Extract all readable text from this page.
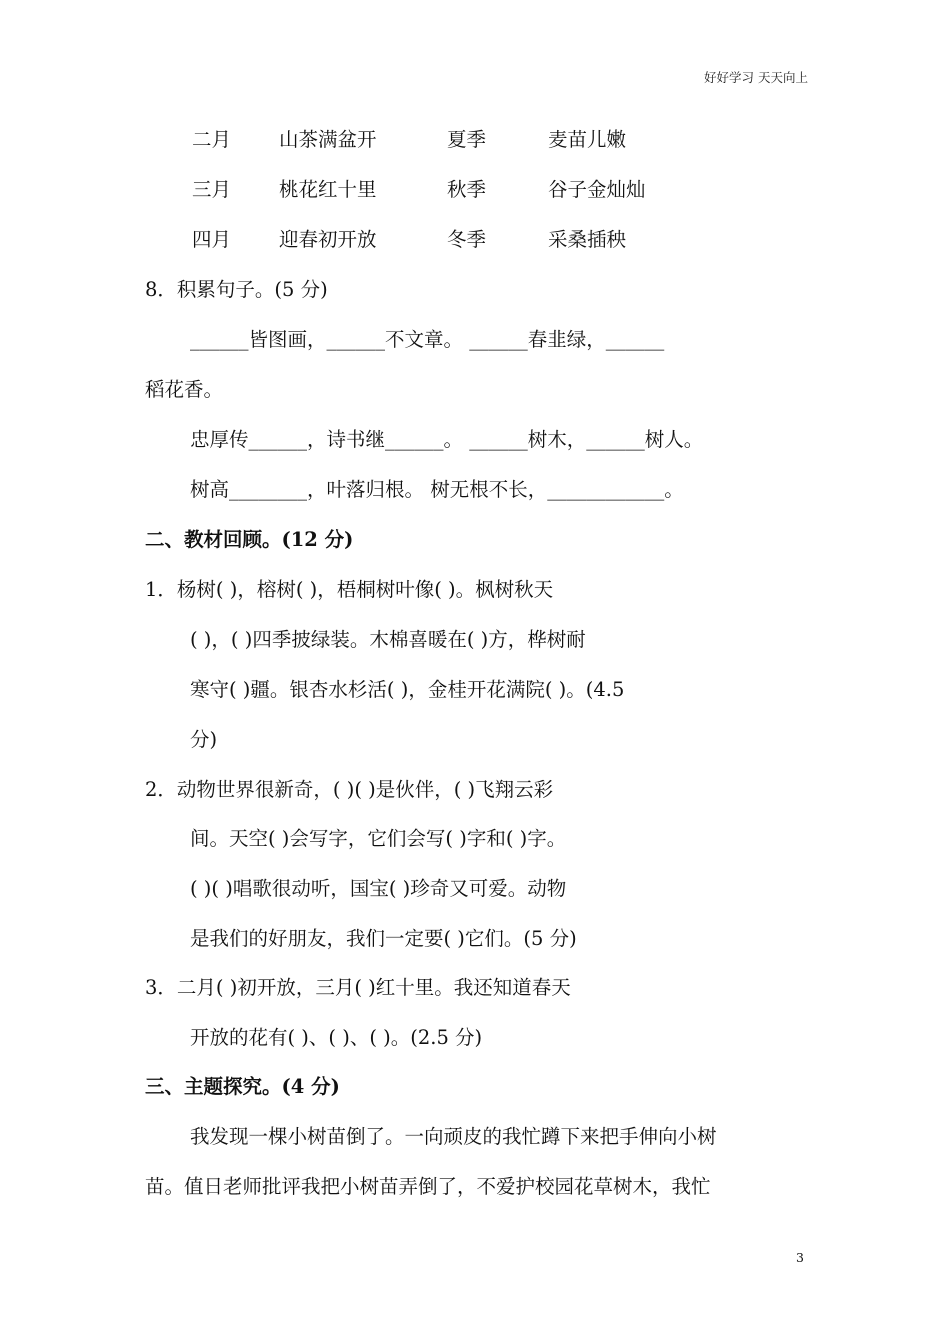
好好学习 天天向上
二月 山茶满盆开	夏季	麦苗儿嫩
三月 桃花红十里	秋季	谷子金灿灿
四月 迎春初开放	冬季	采桑插秧
8．积累句子。(5 分)
______皆图画，______不文章。 ______春韭绿，______
稻花香。
忠厚传______，诗书继______。 ______树木，______树人。
树高________，叶落归根。 树无根不长，____________。
二、教材回顾。(12 分)
1．杨树( )，榕树( )，梧桐树叶像( )。枫树秋天
( )，( )四季披绿装。木棉喜暖在( )方，桦树耐
寒守( )疆。银杏水杉活( )，金桂开花满院( )。(4.5
分)
2．动物世界很新奇，( )( )是伙伴，( )飞翔云彩
间。天空( )会写字，它们会写( )字和( )字。
( )( )唱歌很动听，国宝( )珍奇又可爱。动物
是我们的好朋友，我们一定要( )它们。(5 分)
3．二月( )初开放，三月( )红十里。我还知道春天
开放的花有( )、( )、( )。(2.5 分)
三、主题探究。(4 分)
我发现一棵小树苗倒了。一向顽皮的我忙蹲下来把手伸向小树
苗。值日老师批评我把小树苗弄倒了，不爱护校园花草树木，我忙
3
